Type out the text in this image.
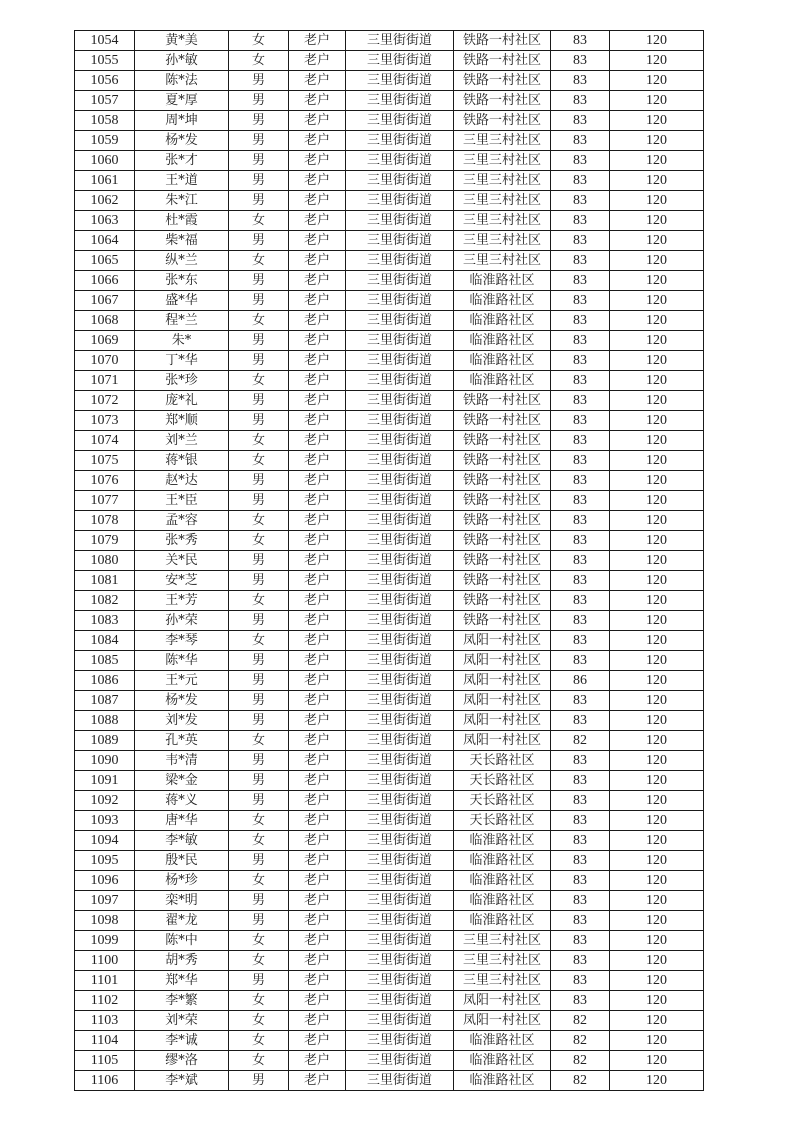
1054	黄*美	女	老户	三里街街道	铁路一村社区	83	120
1055	孙*敏	女	老户	三里街街道	铁路一村社区	83	120
1056	陈*法	男	老户	三里街街道	铁路一村社区	83	120
1057	夏*厚	男	老户	三里街街道	铁路一村社区	83	120
1058	周*坤	男	老户	三里街街道	铁路一村社区	83	120
1059	杨*发	男	老户	三里街街道	三里三村社区	83	120
1060	张*才	男	老户	三里街街道	三里三村社区	83	120
1061	王*道	男	老户	三里街街道	三里三村社区	83	120
1062	朱*江	男	老户	三里街街道	三里三村社区	83	120
1063	杜*霞	女	老户	三里街街道	三里三村社区	83	120
1064	柴*福	男	老户	三里街街道	三里三村社区	83	120
1065	纵*兰	女	老户	三里街街道	三里三村社区	83	120
1066	张*东	男	老户	三里街街道	临淮路社区	83	120
1067	盛*华	男	老户	三里街街道	临淮路社区	83	120
1068	程*兰	女	老户	三里街街道	临淮路社区	83	120
1069	朱*	男	老户	三里街街道	临淮路社区	83	120
1070	丁*华	男	老户	三里街街道	临淮路社区	83	120
1071	张*珍	女	老户	三里街街道	临淮路社区	83	120
1072	庞*礼	男	老户	三里街街道	铁路一村社区	83	120
1073	郑*顺	男	老户	三里街街道	铁路一村社区	83	120
1074	刘*兰	女	老户	三里街街道	铁路一村社区	83	120
1075	蒋*银	女	老户	三里街街道	铁路一村社区	83	120
1076	赵*达	男	老户	三里街街道	铁路一村社区	83	120
1077	王*臣	男	老户	三里街街道	铁路一村社区	83	120
1078	孟*容	女	老户	三里街街道	铁路一村社区	83	120
1079	张*秀	女	老户	三里街街道	铁路一村社区	83	120
1080	关*民	男	老户	三里街街道	铁路一村社区	83	120
1081	安*芝	男	老户	三里街街道	铁路一村社区	83	120
1082	王*芳	女	老户	三里街街道	铁路一村社区	83	120
1083	孙*荣	男	老户	三里街街道	铁路一村社区	83	120
1084	李*琴	女	老户	三里街街道	凤阳一村社区	83	120
1085	陈*华	男	老户	三里街街道	凤阳一村社区	83	120
1086	王*元	男	老户	三里街街道	凤阳一村社区	86	120
1087	杨*发	男	老户	三里街街道	凤阳一村社区	83	120
1088	刘*发	男	老户	三里街街道	凤阳一村社区	83	120
1089	孔*英	女	老户	三里街街道	凤阳一村社区	82	120
1090	韦*清	男	老户	三里街街道	天长路社区	83	120
1091	梁*金	男	老户	三里街街道	天长路社区	83	120
1092	蒋*义	男	老户	三里街街道	天长路社区	83	120
1093	唐*华	女	老户	三里街街道	天长路社区	83	120
1094	李*敏	女	老户	三里街街道	临淮路社区	83	120
1095	殷*民	男	老户	三里街街道	临淮路社区	83	120
1096	杨*珍	女	老户	三里街街道	临淮路社区	83	120
1097	栾*明	男	老户	三里街街道	临淮路社区	83	120
1098	翟*龙	男	老户	三里街街道	临淮路社区	83	120
1099	陈*中	女	老户	三里街街道	三里三村社区	83	120
1100	胡*秀	女	老户	三里街街道	三里三村社区	83	120
1101	郑*华	男	老户	三里街街道	三里三村社区	83	120
1102	李*繁	女	老户	三里街街道	凤阳一村社区	83	120
1103	刘*荣	女	老户	三里街街道	凤阳一村社区	82	120
1104	李*诚	女	老户	三里街街道	临淮路社区	82	120
1105	缪*洛	女	老户	三里街街道	临淮路社区	82	120
1106	李*斌	男	老户	三里街街道	临淮路社区	82	120
